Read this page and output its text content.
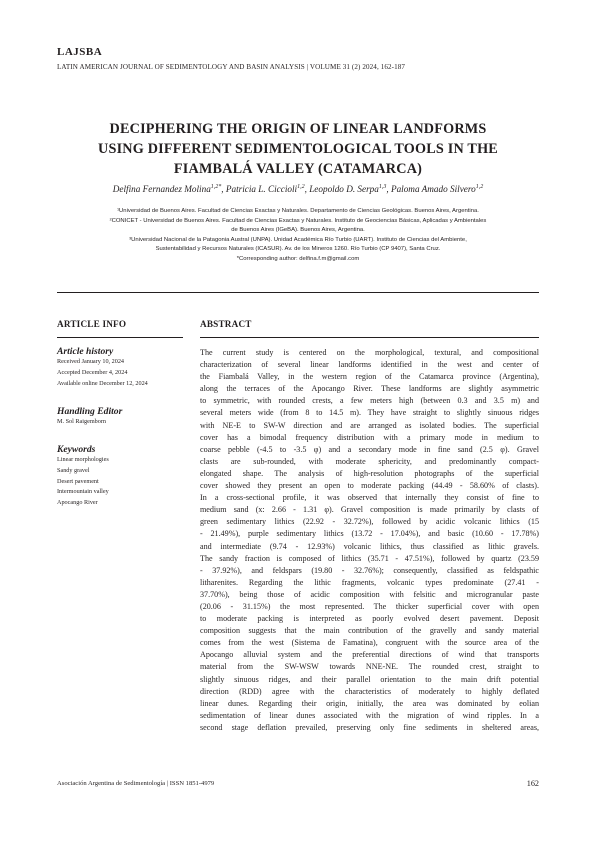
LAJSBA
LATIN AMERICAN JOURNAL OF SEDIMENTOLOGY AND BASIN ANALYSIS | VOLUME 31 (2) 2024, 162-187
DECIPHERING THE ORIGIN OF LINEAR LANDFORMS
USING DIFFERENT SEDIMENTOLOGICAL TOOLS IN THE
FIAMBALÁ VALLEY (CATAMARCA)
Delfina Fernandez Molina$^{1,2*}$, Patricia L. Ciccioli$^{1,2}$, Leopoldo D. Serpa$^{1,3}$, Paloma Amado Silvero$^{1,2}$
¹Universidad de Buenos Aires. Facultad de Ciencias Exactas y Naturales. Departamento de Ciencias Geológicas. Buenos Aires, Argentina.
²CONICET - Universidad de Buenos Aires. Facultad de Ciencias Exactas y Naturales. Instituto de Geociencias Básicas, Aplicadas y Ambientales
de Buenos Aires (IGeBA). Buenos Aires, Argentina.
³Universidad Nacional de la Patagonia Austral (UNPA). Unidad Académica Río Turbio (UART). Instituto de Ciencias del Ambiente,
Sustentabilidad y Recursos Naturales (ICASUR). Av. de los Mineros 1260. Río Turbio (CP 9407), Santa Cruz.
*Corresponding author: delfina.f.m@gmail.com
ARTICLE INFO	ABSTRACT
Article history
Received January 10, 2024
Accepted December 4, 2024
Available online December 12, 2024
Handling Editor
M. Sol Raigemborn
Keywords
Linear morphologies
Sandy gravel
Desert pavement
Intermountain valley
Apocango River
The current study is centered on the morphological, textural, and compositional
characterization of several linear landforms identified in the west and center of
the Fiambalá Valley, in the western region of the Catamarca province (Argentina),
along the terraces of the Apocango River. These landforms are slightly asymmetric
to symmetric, with rounded crests, a few meters high (between 0.3 and 3.5 m) and
several meters wide (from 8 to 14.5 m). They have straight to slightly sinuous ridges
with NE-E to SW-W direction and are arranged as isolated bodies. The superficial
cover has a bimodal frequency distribution with a primary mode in medium to
coarse pebble (-4.5 to -3.5 φ) and a secondary mode in fine sand (2.5 φ). Gravel
clasts are sub-rounded, with moderate sphericity, and predominantly compact-
elongated shape. The analysis of high-resolution photographs of the superficial
cover showed they present an open to moderate packing (44.49 - 58.60% of clasts).
In a cross-sectional profile, it was observed that internally they consist of fine to
medium sand (x: 2.66 - 1.31 φ). Gravel composition is made primarily by clasts of
green sedimentary lithics (22.92 - 32.72%), followed by acidic volcanic lithics (15
- 21.49%), purple sedimentary lithics (13.72 - 17.04%), and basic (10.60 - 17.78%)
and intermediate (9.74 - 12.93%) volcanic lithics, thus classified as lithic gravels.
The sandy fraction is composed of lithics (35.71 - 47.51%), followed by quartz (23.59
- 37.92%), and feldspars (19.80 - 32.76%); consequently, classified as feldspathic
litharenites. Regarding the lithic fragments, volcanic types predominate (27.41 -
37.70%), being those of acidic composition with felsitic and microgranular paste
(20.06 - 31.15%) the most represented. The thicker superficial cover with open
to moderate packing is interpreted as poorly evolved desert pavement. Deposit
composition suggests that the main contribution of the gravelly and sandy material
comes from the west (Sistema de Famatina), congruent with the source area of the
Apocango alluvial system and the preferential directions of wind that transports
material from the SW-WSW towards NNE-NE. The rounded crest, straight to
slightly sinuous ridges, and their parallel orientation to the main drift potential
direction (RDD) agree with the characteristics of moderately to highly deflated
linear dunes. Regarding their origin, initially, the area was dominated by eolian
sedimentation of linear dunes associated with the migration of wind ripples. In a
second stage deflation prevailed, preserving only fine sediments in sheltered areas,
Asociación Argentina de Sedimentología | ISSN 1851-4979	162
